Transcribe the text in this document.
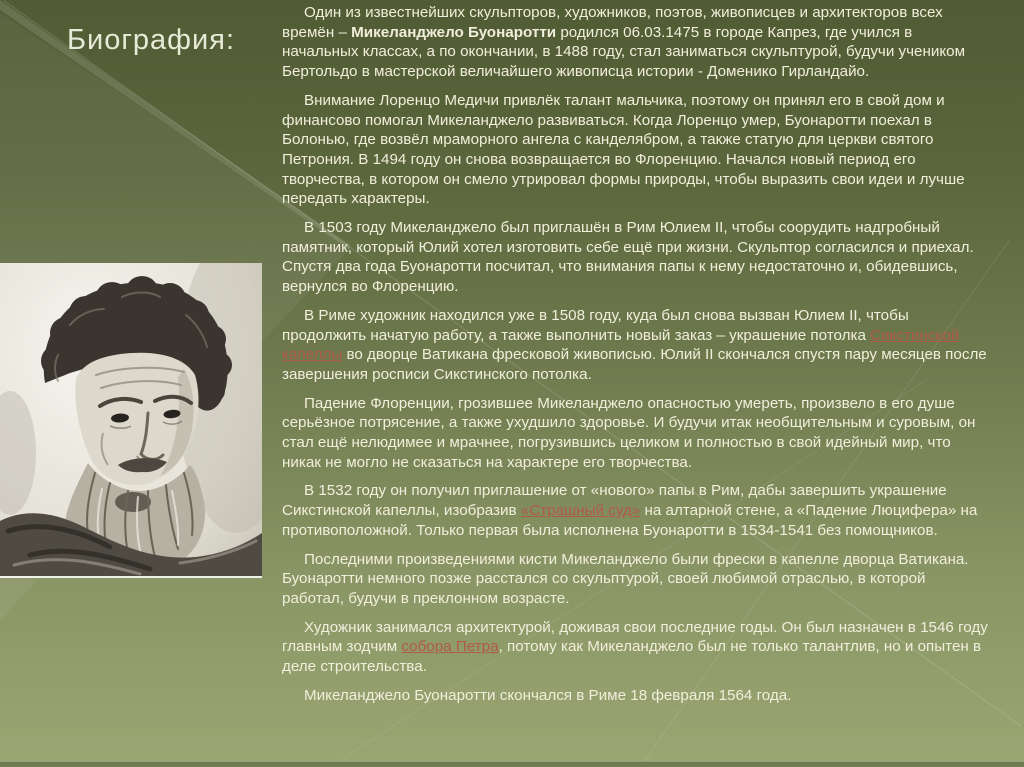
Биография:

Один из известнейших скульпторов, художников, поэтов, живописцев и архитекторов всех времён – Микеланджело Буонаротти родился 06.03.1475 в городе Капрез, где учился в начальных классах, а по окончании, в 1488 году, стал заниматься скульптурой, будучи учеником Бертольдо в мастерской величайшего живописца истории - Доменико Гирландайо.

Внимание Лоренцо Медичи привлёк талант мальчика, поэтому он принял его в свой дом и финансово помогал Микеланджело развиваться. Когда Лоренцо умер, Буонаротти поехал в Болонью, где возвёл мраморного ангела с канделябром, а также статую для церкви святого Петрония. В 1494 году он снова возвращается во Флоренцию. Начался новый период его творчества, в котором он смело утрировал формы природы, чтобы выразить свои идеи и лучше передать характеры.

В 1503 году Микеланджело был приглашён в Рим Юлием II, чтобы соорудить надгробный памятник, который Юлий хотел изготовить себе ещё при жизни. Скульптор согласился и приехал. Спустя два года Буонаротти посчитал, что внимания папы к нему недостаточно и, обидевшись, вернулся во Флоренцию.

В Риме художник находился уже в 1508 году, куда был снова вызван Юлием II, чтобы продолжить начатую работу, а также выполнить новый заказ – украшение потолка Сикстинской капеллы во дворце Ватикана фресковой живописью. Юлий II скончался спустя пару месяцев после завершения росписи Сикстинского потолка.

Падение Флоренции, грозившее Микеланджело опасностью умереть, произвело в его душе серьёзное потрясение, а также ухудшило здоровье. И будучи итак необщительным и суровым, он стал ещё нелюдимее и мрачнее, погрузившись целиком и полностью в свой идейный мир, что никак не могло не сказаться на характере его творчества.

В 1532 году он получил приглашение от «нового» папы в Рим, дабы завершить украшение Сикстинской капеллы, изобразив «Страшный суд» на алтарной стене, а «Падение Люцифера» на противоположной. Только первая была исполнена Буонаротти в 1534-1541 без помощников.

Последними произведениями кисти Микеланджело были фрески в капелле дворца Ватикана. Буонаротти немного позже расстался со скульптурой, своей любимой отраслью, в которой работал, будучи в преклонном возрасте.

Художник занимался архитектурой, доживая свои последние годы. Он был назначен в 1546 году главным зодчим собора Петра, потому как Микеланджело был не только талантлив, но и опытен в деле строительства.

Микеланджело Буонаротти скончался в Риме 18 февраля 1564 года.
